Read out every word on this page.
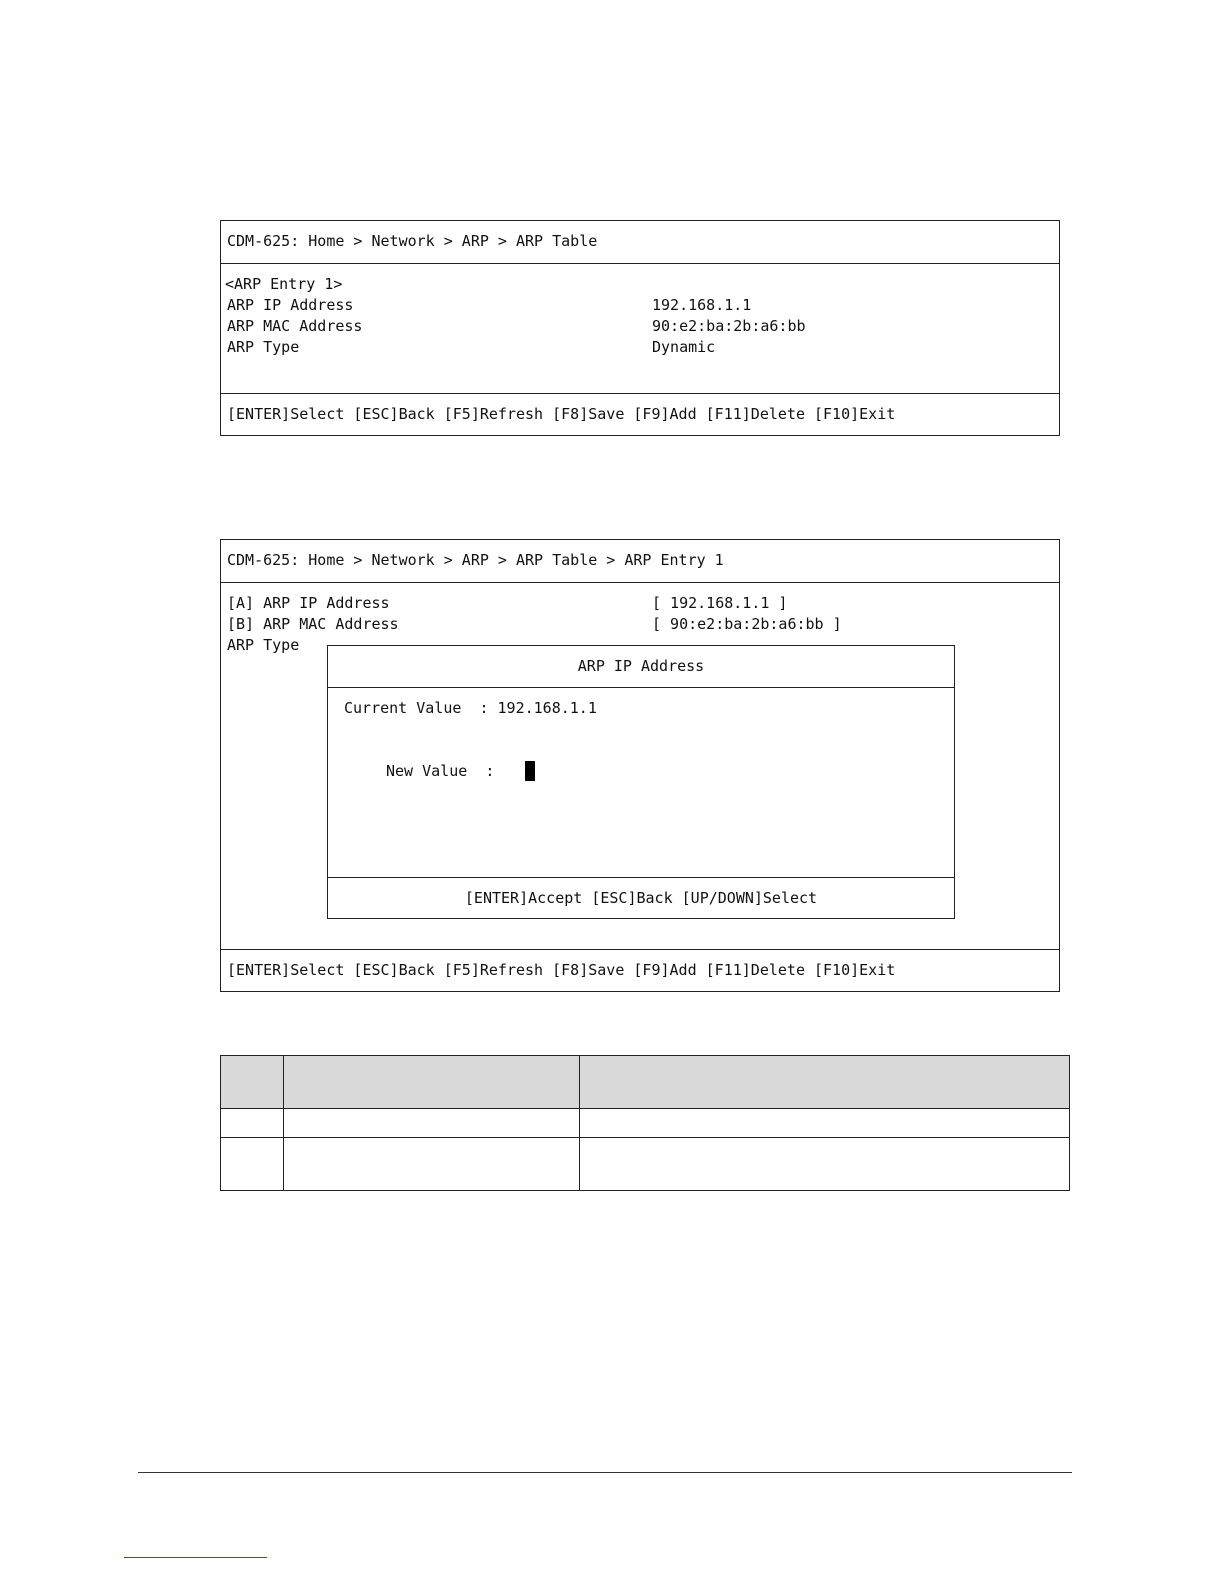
CDM-625: Home > Network > ARP > ARP Table
<ARP Entry 1>
ARP IP Address	192.168.1.1
ARP MAC Address	90:e2:ba:2b:a6:bb
ARP Type	Dynamic
[ENTER]Select [ESC]Back [F5]Refresh [F8]Save [F9]Add [F11]Delete [F10]Exit
CDM-625: Home > Network > ARP > ARP Table > ARP Entry 1
[A] ARP IP Address	[ 192.168.1.1 ]
[B] ARP MAC Address	[ 90:e2:ba:2b:a6:bb ]
ARP Type
ARP IP Address
Current Value  : 192.168.1.1
New Value  :
[ENTER]Accept [ESC]Back [UP/DOWN]Select
[ENTER]Select [ESC]Back [F5]Refresh [F8]Save [F9]Add [F11]Delete [F10]Exit
